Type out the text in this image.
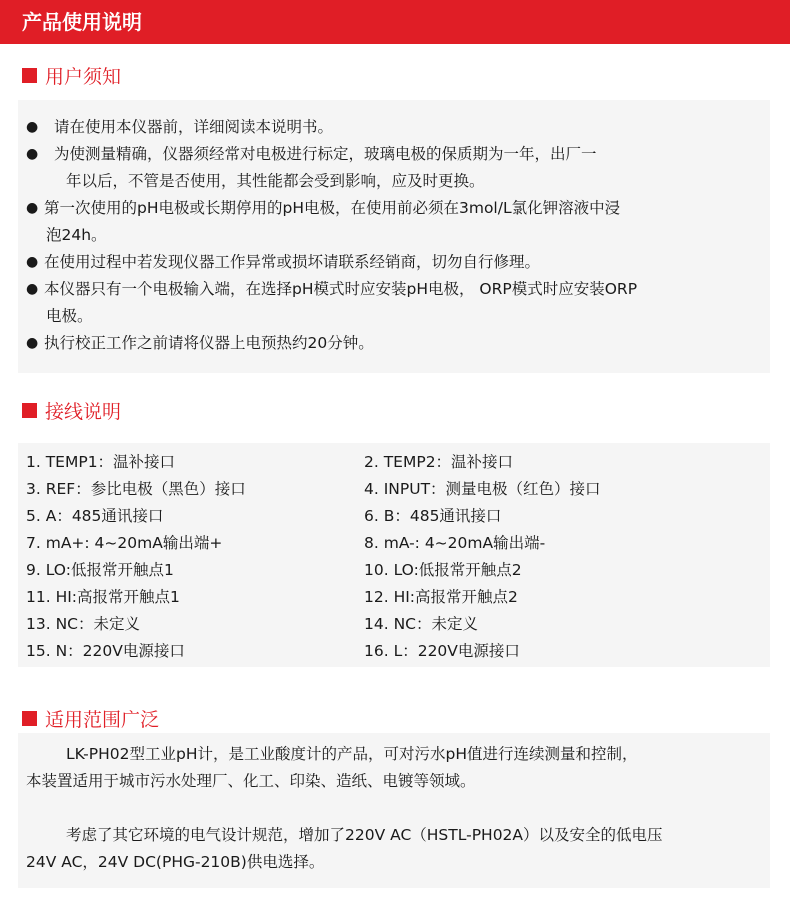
产品使用说明
用户须知
●	请在使用本仪器前，详细阅读本说明书。
●	为使测量精确，仪器须经常对电极进行标定，玻璃电极的保质期为一年，出厂一
年以后，不管是否使用，其性能都会受到影响，应及时更换。
● 第一次使用的pH电极或长期停用的pH电极，在使用前必须在3mol/L氯化钾溶液中浸
泡24h。
● 在使用过程中若发现仪器工作异常或损坏请联系经销商，切勿自行修理。
● 本仪器只有一个电极输入端，在选择pH模式时应安装pH电极， ORP模式时应安装ORP
电极。
● 执行校正工作之前请将仪器上电预热约20分钟。
接线说明
1. TEMP1：温补接口	2. TEMP2：温补接口
3. REF：参比电极（黑色）接口	4. INPUT：测量电极（红色）接口
5. A：485通讯接口	6. B：485通讯接口
7. mA+: 4~20mA输出端+	8. mA-: 4~20mA输出端-
9. LO:低报常开触点1	10. LO:低报常开触点2
11. HI:高报常开触点1	12. HI:高报常开触点2
13. NC：未定义	14. NC：未定义
15. N：220V电源接口	16. L：220V电源接口
适用范围广泛

LK-PH02型工业pH计，是工业酸度计的产品，可对污水pH值进行连续测量和控制，
本装置适用于城市污水处理厂、化工、印染、造纸、电镀等领域。

考虑了其它环境的电气设计规范，增加了220V AC（HSTL-PH02A）以及安全的低电压
24V AC，24V DC(PHG-210B)供电选择。
